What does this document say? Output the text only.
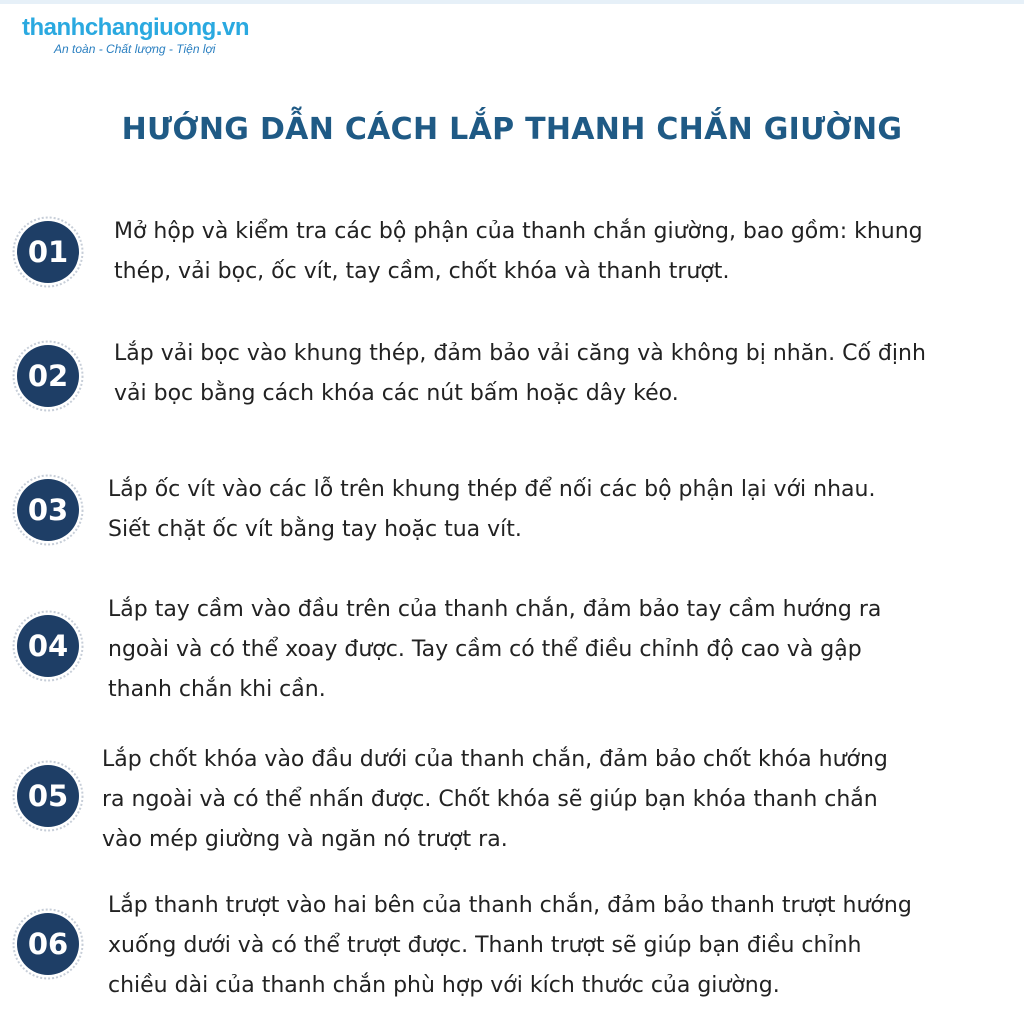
thanhchangiuong.vn
An toàn - Chất lượng - Tiện lợi
HƯỚNG DẪN CÁCH LẮP THANH CHẮN GIƯỜNG
01
Mở hộp và kiểm tra các bộ phận của thanh chắn giường, bao gồm: khung
thép, vải bọc, ốc vít, tay cầm, chốt khóa và thanh trượt.
02
Lắp vải bọc vào khung thép, đảm bảo vải căng và không bị nhăn. Cố định
vải bọc bằng cách khóa các nút bấm hoặc dây kéo.
03
Lắp ốc vít vào các lỗ trên khung thép để nối các bộ phận lại với nhau.
Siết chặt ốc vít bằng tay hoặc tua vít.
04
Lắp tay cầm vào đầu trên của thanh chắn, đảm bảo tay cầm hướng ra
ngoài và có thể xoay được. Tay cầm có thể điều chỉnh độ cao và gập
thanh chắn khi cần.
05
Lắp chốt khóa vào đầu dưới của thanh chắn, đảm bảo chốt khóa hướng
ra ngoài và có thể nhấn được. Chốt khóa sẽ giúp bạn khóa thanh chắn
vào mép giường và ngăn nó trượt ra.
06
Lắp thanh trượt vào hai bên của thanh chắn, đảm bảo thanh trượt hướng
xuống dưới và có thể trượt được. Thanh trượt sẽ giúp bạn điều chỉnh
chiều dài của thanh chắn phù hợp với kích thước của giường.
